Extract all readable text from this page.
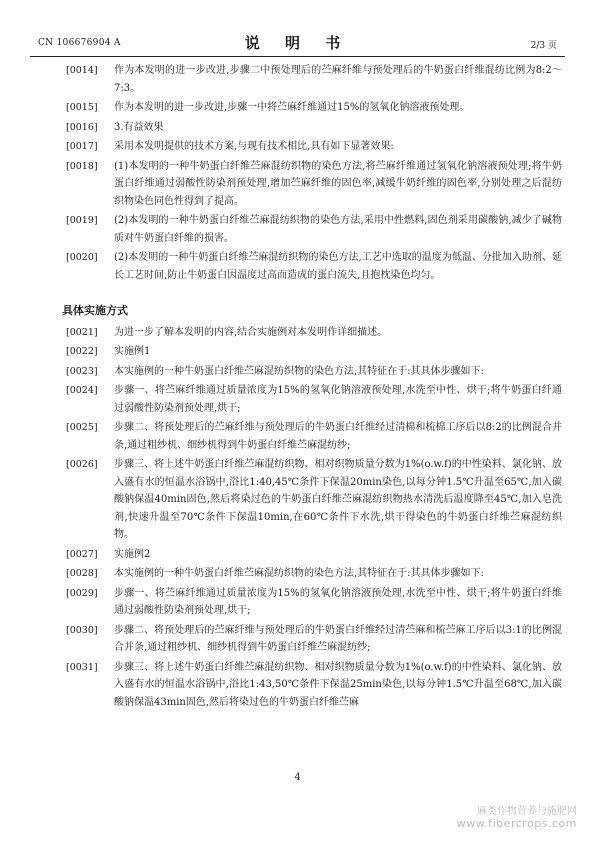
CN 106676904 A	说 明 书	2/3 页
[0014] 作为本发明的进一步改进,步骤二中预处理后的苎麻纤维与预处理后的牛奶蛋白纤维混纺比例为8:2～7:3。
[0015] 作为本发明的进一步改进,步骤一中将苎麻纤维通过15%的氢氧化钠溶液预处理。
[0016] 3.有益效果
[0017] 采用本发明提供的技术方案,与现有技术相比,具有如下显著效果:
[0018] (1)本发明的一种牛奶蛋白纤维苎麻混纺织物的染色方法,将苎麻纤维通过氢氧化钠溶液预处理;将牛奶蛋白纤维通过弱酸性防染剂预处理,增加苎麻纤维的固色率,减缓牛奶纤维的固色率,分别处理之后混纺织物染色同色性得到了提高。
[0019] (2)本发明的一种牛奶蛋白纤维苎麻混纺织物的染色方法,采用中性燃料,固色剂采用碳酸钠,减少了碱物质对牛奶蛋白纤维的损害。
[0020] (2)本发明的一种牛奶蛋白纤维苎麻混纺织物的染色方法,工艺中选取的温度为低温、分批加入助剂、延长工艺时间,防止牛奶蛋白因温度过高而造成的蛋白流失,且抱枕染色均匀。
具体实施方式
[0021] 为进一步了解本发明的内容,结合实施例对本发明作详细描述。
[0022] 实施例1
[0023] 本实施例的一种牛奶蛋白纤维苎麻混纺织物的染色方法,其特征在于:其具体步骤如下:
[0024] 步骤一、将苎麻纤维通过质量浓度为15%的氢氧化钠溶液预处理,水洗至中性、烘干;将牛奶蛋白纤通过弱酸性防染剂预处理,烘干;
[0025] 步骤二、将预处理后的苎麻纤维与预处理后的牛奶蛋白纤维经过清棉和梳棉工序后以8:2的比例混合并条,通过粗纱机、细纱机得到牛奶蛋白纤维苎麻混纺纱;
[0026] 步骤三、将上述牛奶蛋白纤维苎麻混纺织物、相对织物质量分数为1%(o.w.f)的中性染料、氯化钠、放入盛有水的恒温水浴锅中,浴比1:40,45℃条件下保温20min染色,以每分钟1.5℃升温至65℃,加入碳酸钠保温40min固色,然后将染过色的牛奶蛋白纤维苎麻混纺织物热水清洗后温度降至45℃,加入皂洗剂,快速升温至70℃条件下保温10min,在60℃条件下水洗,烘干得染色的牛奶蛋白纤维苎麻混纺织物。
[0027] 实施例2
[0028] 本实施例的一种牛奶蛋白纤维苎麻混纺织物的染色方法,其特征在于:其具体步骤如下:
[0029] 步骤一、将苎麻纤维通过质量浓度为15%的氢氧化钠溶液预处理,水洗至中性、烘干;将牛奶蛋白纤维通过弱酸性防染剂预处理,烘干;
[0030] 步骤二、将预处理后的苎麻纤维与预处理后的牛奶蛋白纤维经过清苎麻和梳苎麻工序后以3:1的比例混合并条,通过粗纱机、细纱机得到牛奶蛋白纤维苎麻混纺纱;
[0031] 步骤三、将上述牛奶蛋白纤维苎麻混纺织物、相对织物质量分数为1%(o.w.f)的中性染料、氯化钠、放入盛有水的恒温水浴锅中,浴比1:43,50℃条件下保温25min染色,以每分钟1.5℃升温至68℃,加入碳酸钠保温43min固色,然后将染过色的牛奶蛋白纤维苎麻
4
麻类作物营养与施肥网
www.fibercrops.com
